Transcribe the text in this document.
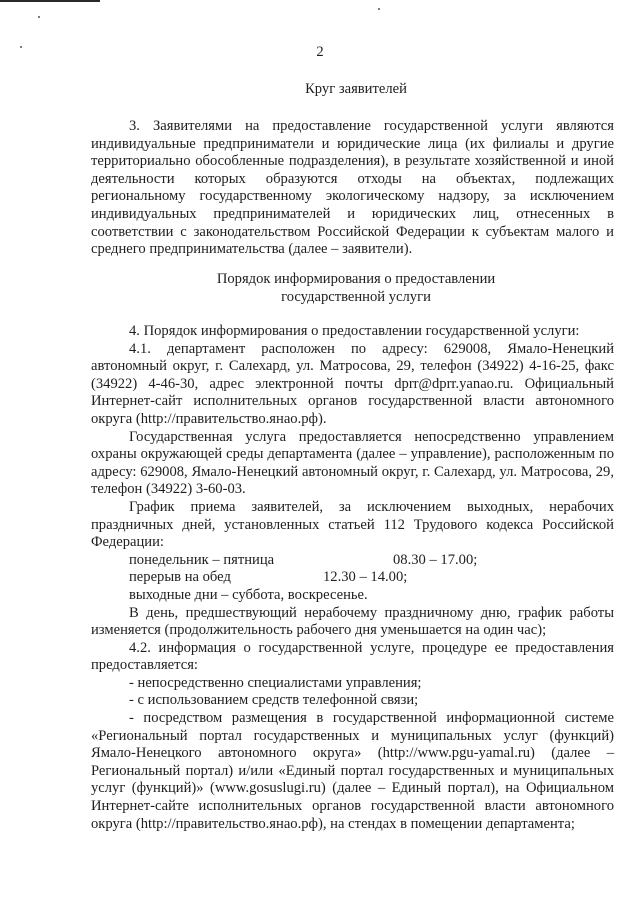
2
Круг заявителей

3. Заявителями на предоставление государственной услуги являются индивидуальные предприниматели и юридические лица (их филиалы и другие территориально обособленные подразделения), в результате хозяйственной и иной деятельности которых образуются отходы на объектах, подлежащих региональному государственному экологическому надзору, за исключением индивидуальных предпринимателей и юридических лиц, отнесенных в соответствии с законодательством Российской Федерации к субъектам малого и среднего предпринимательства (далее – заявители).

Порядок информирования о предоставлении
государственной услуги

4. Порядок информирования о предоставлении государственной услуги:

4.1. департамент расположен по адресу: 629008, Ямало-Ненецкий автономный округ, г. Салехард, ул. Матросова, 29, телефон (34922) 4-16-25, факс (34922) 4-46-30, адрес электронной почты dprr@dprr.yanao.ru. Официальный Интернет-сайт исполнительных органов государственной власти автономного округа (http://правительство.янао.рф).

Государственная услуга предоставляется непосредственно управлением охраны окружающей среды департамента (далее – управление), расположенным по адресу: 629008, Ямало-Ненецкий автономный округ, г. Салехард, ул. Матросова, 29, телефон (34922) 3-60-03.

График приема заявителей, за исключением выходных, нерабочих праздничных дней, установленных статьей 112 Трудового кодекса Российской Федерации:

понедельник – пятница	08.30 – 17.00;
перерыв на обед	12.30 – 14.00;

выходные дни – суббота, воскресенье.

В день, предшествующий нерабочему праздничному дню, график работы изменяется (продолжительность рабочего дня уменьшается на один час);

4.2. информация о государственной услуге, процедуре ее предоставления предоставляется:

- непосредственно специалистами управления;

- с использованием средств телефонной связи;

- посредством размещения в государственной информационной системе «Региональный портал государственных и муниципальных услуг (функций) Ямало-Ненецкого автономного округа» (http://www.pgu-yamal.ru) (далее – Региональный портал) и/или «Единый портал государственных и муниципальных услуг (функций)» (www.gosuslugi.ru) (далее – Единый портал), на Официальном Интернет-сайте исполнительных органов государственной власти автономного округа (http://правительство.янао.рф), на стендах в помещении департамента;
